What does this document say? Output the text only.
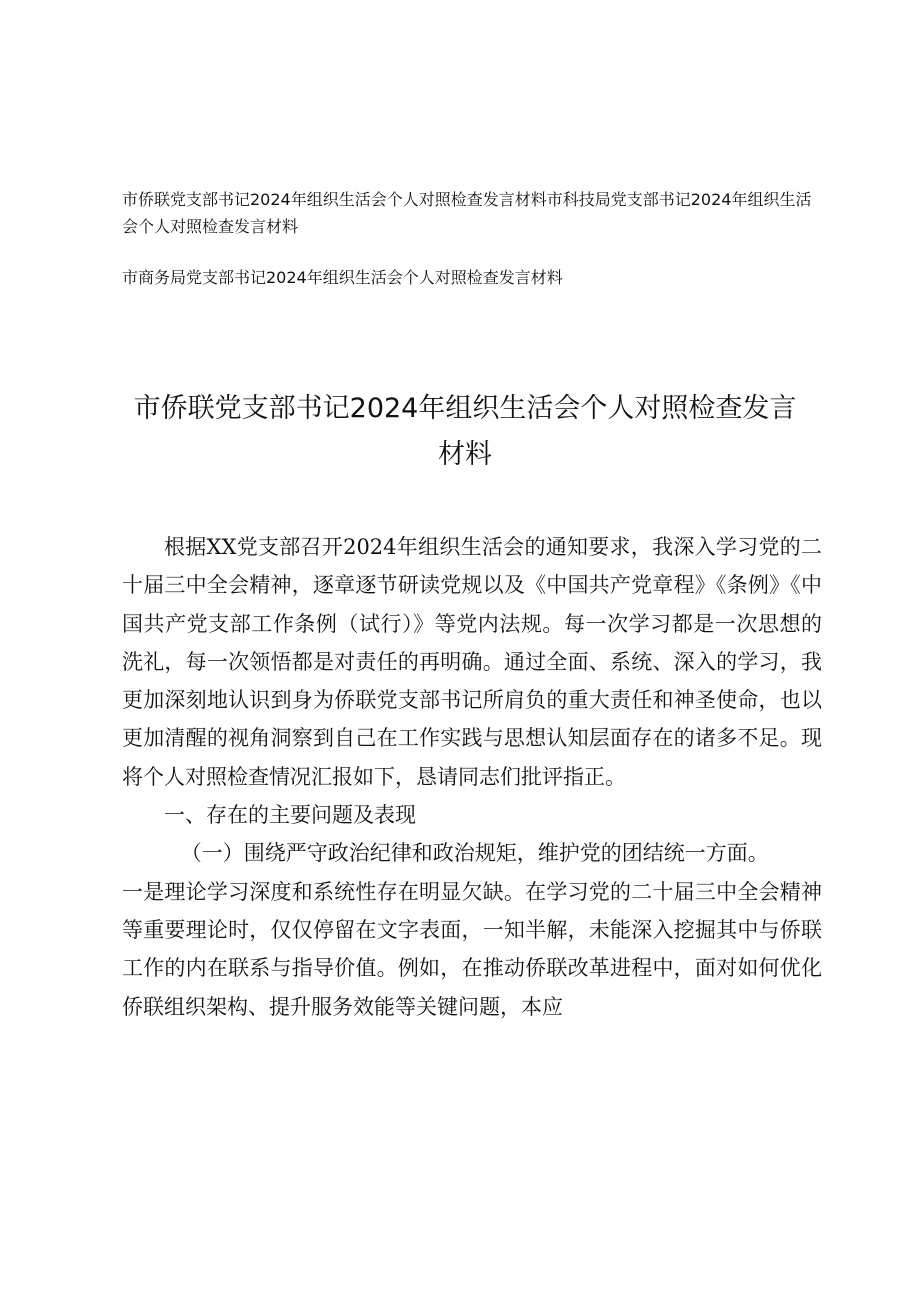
市侨联党支部书记2024年组织生活会个人对照检查发言材料市科技局党支部书记2024年组织生活会个人对照检查发言材料

市商务局党支部书记2024年组织生活会个人对照检查发言材料

市侨联党支部书记2024年组织生活会个人对照检查发言
材料

根据XX党支部召开2024年组织生活会的通知要求，我深入学习党的二十届三中全会精神，逐章逐节研读党规以及《中国共产党章程》《条例》《中国共产党支部工作条例（试行）》等党内法规。每一次学习都是一次思想的洗礼，每一次领悟都是对责任的再明确。通过全面、系统、深入的学习，我更加深刻地认识到身为侨联党支部书记所肩负的重大责任和神圣使命，也以更加清醒的视角洞察到自己在工作实践与思想认知层面存在的诸多不足。现将个人对照检查情况汇报如下，恳请同志们批评指正。

一、存在的主要问题及表现

（一）围绕严守政治纪律和政治规矩，维护党的团结统一方面。

一是理论学习深度和系统性存在明显欠缺。在学习党的二十届三中全会精神等重要理论时，仅仅停留在文字表面，一知半解，未能深入挖掘其中与侨联工作的内在联系与指导价值。例如，在推动侨联改革进程中，面对如何优化侨联组织架构、提升服务效能等关键问题，本应
